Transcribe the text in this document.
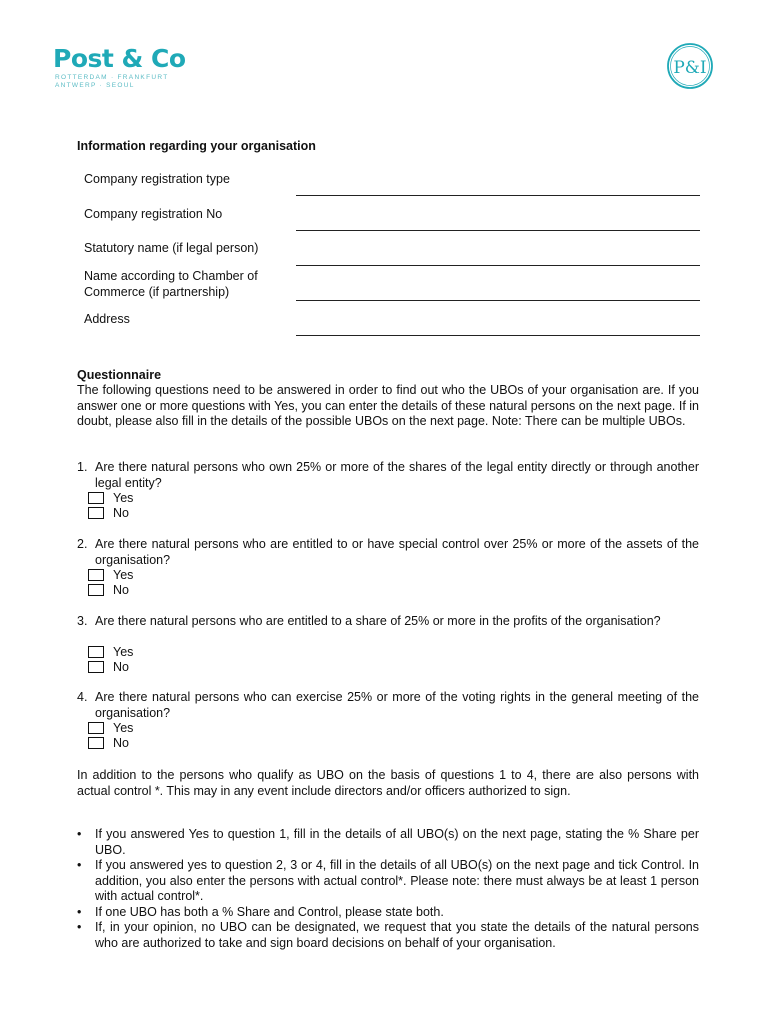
Post & Co
ROTTERDAM · FRANKFURT
ANTWERP · SEOUL
P&I
Information regarding your organisation
Company registration type
Company registration No
Statutory name (if legal person)
Name according to Chamber of Commerce (if partnership)
Address
Questionnaire
The following questions need to be answered in order to find out who the UBOs of your organisation are. If you answer one or more questions with Yes, you can enter the details of these natural persons on the next page. If in doubt, please also fill in the details of the possible UBOs on the next page. Note: There can be multiple UBOs.
1. Are there natural persons who own 25% or more of the shares of the legal entity directly or through another legal entity?
Yes
No
2. Are there natural persons who are entitled to or have special control over 25% or more of the assets of the organisation?
Yes
No
3. Are there natural persons who are entitled to a share of 25% or more in the profits of the organisation?
Yes
No
4. Are there natural persons who can exercise 25% or more of the voting rights in the general meeting of the organisation?
Yes
No
In addition to the persons who qualify as UBO on the basis of questions 1 to 4, there are also persons with actual control *. This may in any event include directors and/or officers authorized to sign.
• If you answered Yes to question 1, fill in the details of all UBO(s) on the next page, stating the % Share per UBO.
• If you answered yes to question 2, 3 or 4, fill in the details of all UBO(s) on the next page and tick Control. In addition, you also enter the persons with actual control*. Please note: there must always be at least 1 person with actual control*.
• If one UBO has both a % Share and Control, please state both.
• If, in your opinion, no UBO can be designated, we request that you state the details of the natural persons who are authorized to take and sign board decisions on behalf of your organisation.
